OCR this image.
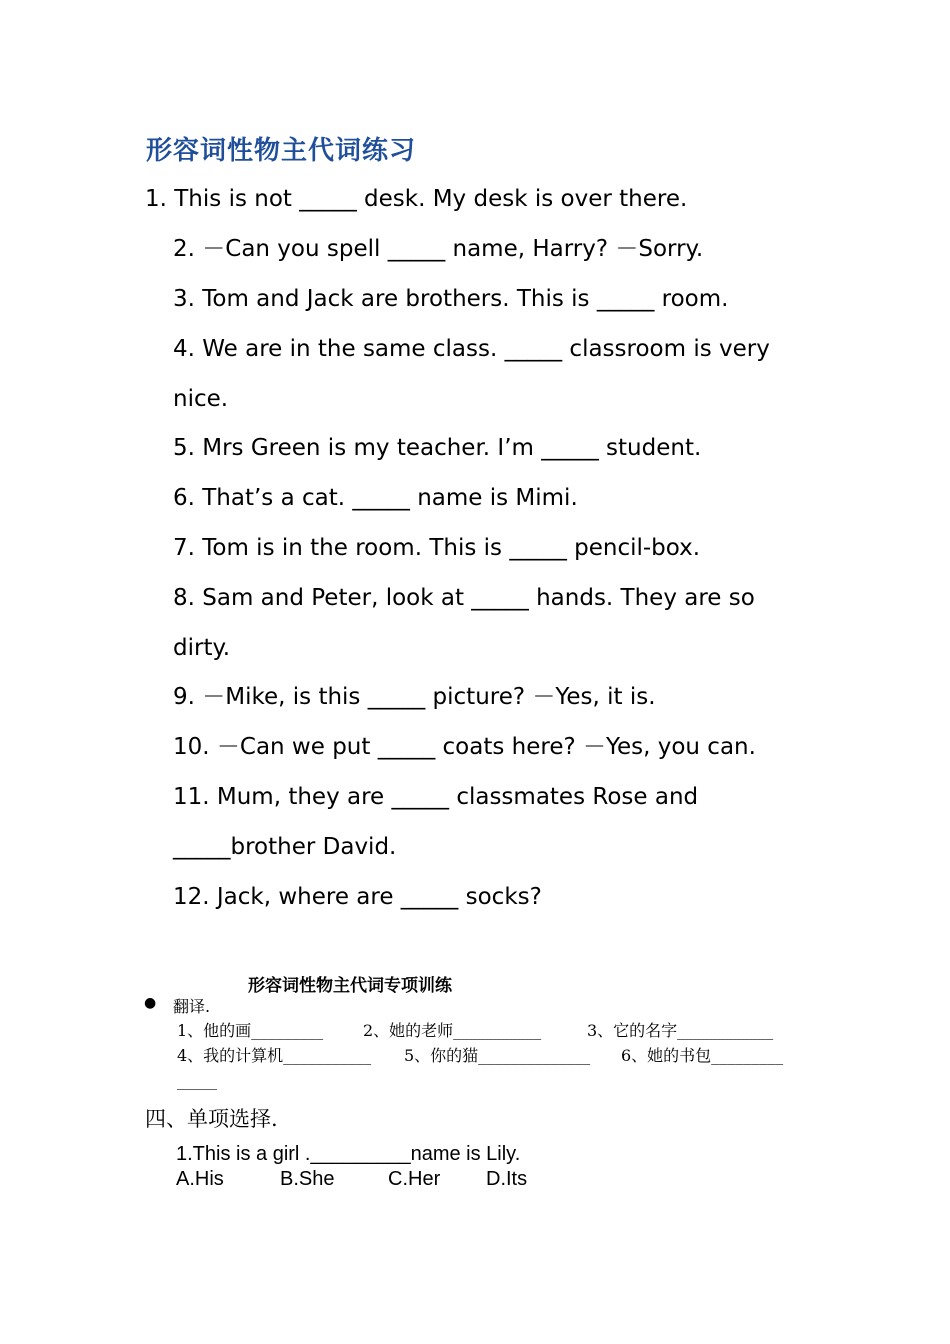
形容词性物主代词练习
1. This is not _____ desk. My desk is over there.
2. －Can you spell _____ name, Harry? －Sorry.
3. Tom and Jack are brothers. This is _____ room.
4. We are in the same class. _____ classroom is very
nice.
5. Mrs Green is my teacher. I’m _____ student.
6. That’s a cat. _____ name is Mimi.
7. Tom is in the room. This is _____ pencil-box.
8. Sam and Peter, look at _____ hands. They are so
dirty.
9. －Mike, is this _____ picture? －Yes, it is.
10. －Can we put _____ coats here? －Yes, you can.
11. Mum, they are _____ classmates Rose and
_____brother David.
12. Jack, where are _____ socks?
形容词性物主代词专项训练
● 翻译.
1、他的画_________ 2、她的老师___________	3、它的名字____________
4、我的计算机___________ 5、你的猫______________ 6、她的书包_________
_____
四、单项选择.
1.This is a girl ._________name is Lily.
A.His	B.She	C.Her D.Its
